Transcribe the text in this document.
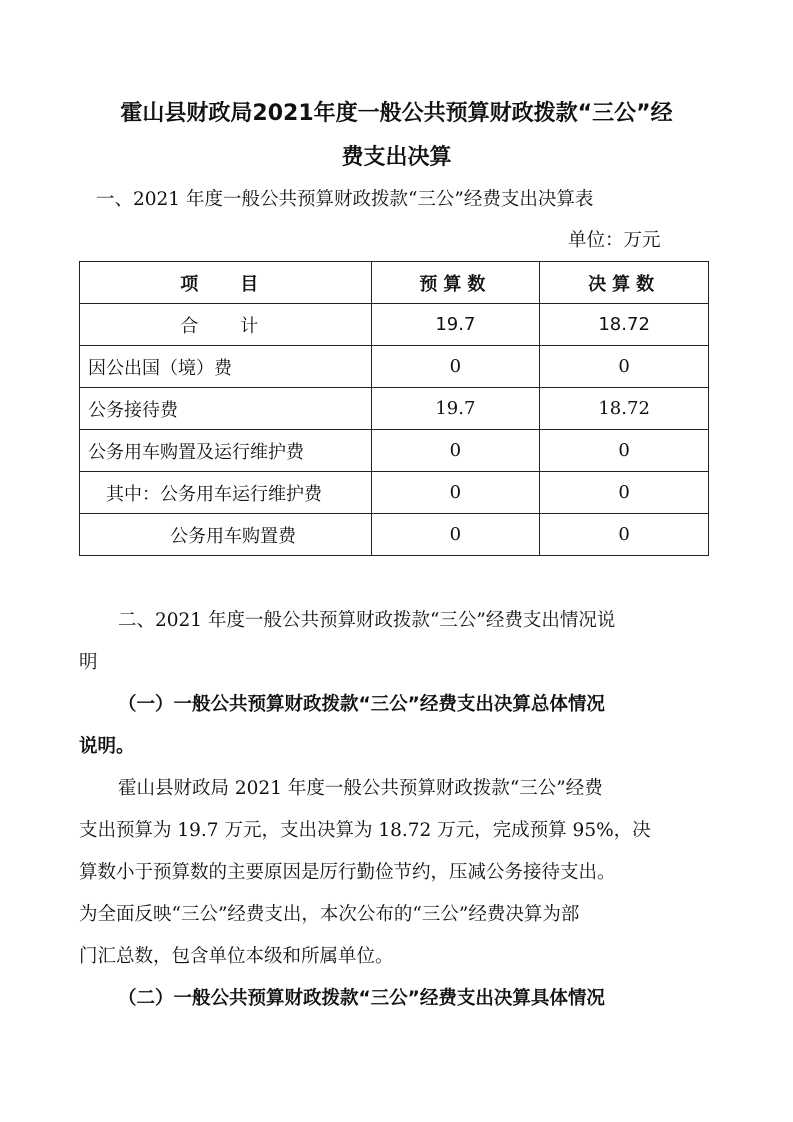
霍山县财政局2021年度一般公共预算财政拨款“三公”经
费支出决算
一、2021 年度一般公共预算财政拨款“三公”经费支出决算表
单位：万元
项　目	预算数	决算数
合　计	19.7	18.72
因公出国（境）费	0	0
公务接待费	19.7	18.72
公务用车购置及运行维护费	0	0
其中：公务用车运行维护费	0	0
公务用车购置费	0	0
二、2021 年度一般公共预算财政拨款“三公”经费支出情况说
明
（一）一般公共预算财政拨款“三公”经费支出决算总体情况
说明。
霍山县财政局 2021 年度一般公共预算财政拨款“三公”经费
支出预算为 19.7 万元，支出决算为 18.72 万元，完成预算 95%，决
算数小于预算数的主要原因是厉行勤俭节约，压减公务接待支出。
为全面反映“三公”经费支出，本次公布的“三公”经费决算为部
门汇总数，包含单位本级和所属单位。
（二）一般公共预算财政拨款“三公”经费支出决算具体情况
